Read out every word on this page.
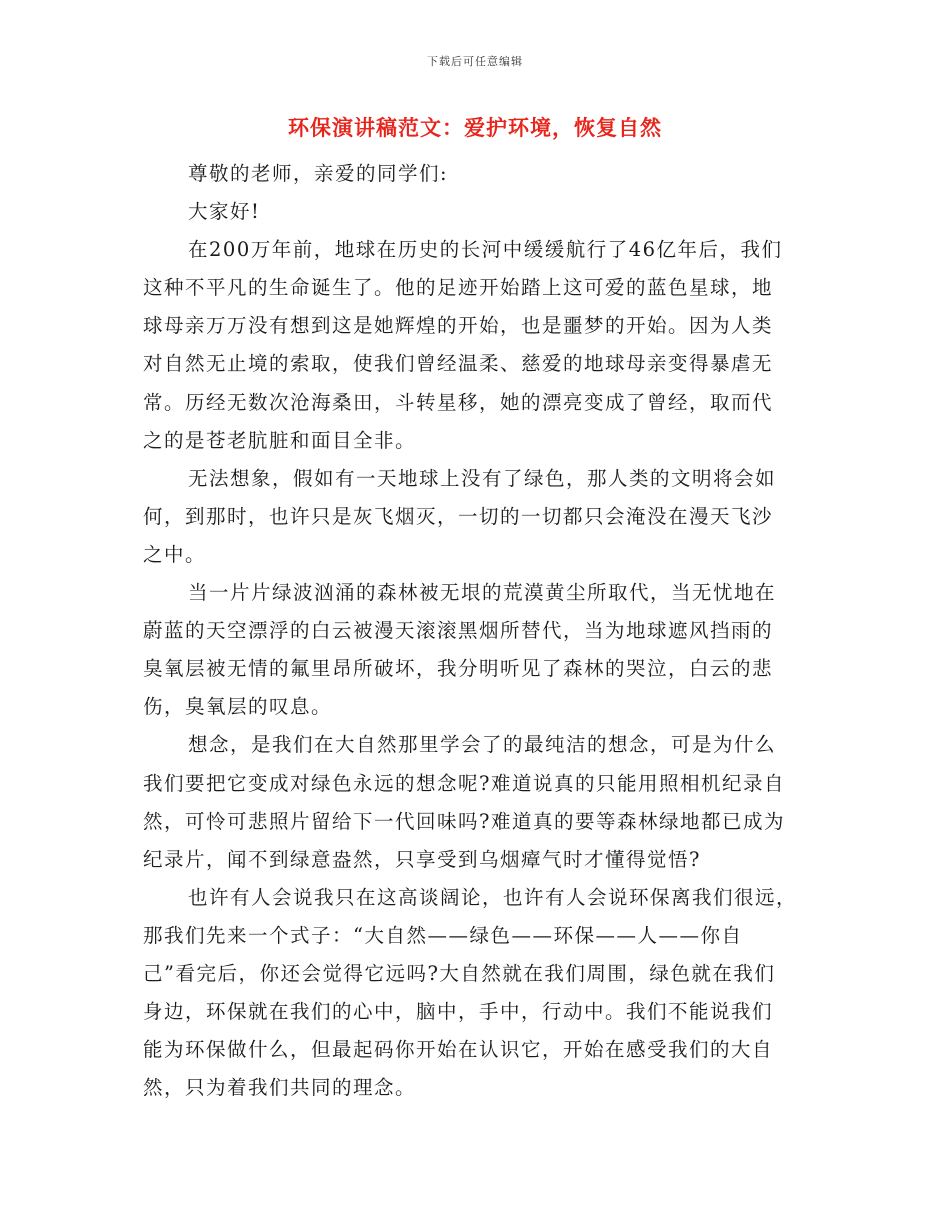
下载后可任意编辑
环保演讲稿范文：爱护环境，恢复自然
尊敬的老师，亲爱的同学们:
大家好!
在200万年前，地球在历史的长河中缓缓航行了46亿年后，我们
这种不平凡的生命诞生了。他的足迹开始踏上这可爱的蓝色星球，地
球母亲万万没有想到这是她辉煌的开始，也是噩梦的开始。因为人类
对自然无止境的索取，使我们曾经温柔、慈爱的地球母亲变得暴虐无
常。历经无数次沧海桑田，斗转星移，她的漂亮变成了曾经，取而代
之的是苍老肮脏和面目全非。
无法想象，假如有一天地球上没有了绿色，那人类的文明将会如
何，到那时，也许只是灰飞烟灭，一切的一切都只会淹没在漫天飞沙
之中。
当一片片绿波汹涌的森林被无垠的荒漠黄尘所取代，当无忧地在
蔚蓝的天空漂浮的白云被漫天滚滚黑烟所替代，当为地球遮风挡雨的
臭氧层被无情的氟里昂所破坏，我分明听见了森林的哭泣，白云的悲
伤，臭氧层的叹息。
想念，是我们在大自然那里学会了的最纯洁的想念，可是为什么
我们要把它变成对绿色永远的想念呢?难道说真的只能用照相机纪录自
然，可怜可悲照片留给下一代回味吗?难道真的要等森林绿地都已成为
纪录片，闻不到绿意盎然，只享受到乌烟瘴气时才懂得觉悟?
也许有人会说我只在这高谈阔论，也许有人会说环保离我们很远，
那我们先来一个式子：“大自然——绿色——环保——人——你自
己”看完后，你还会觉得它远吗?大自然就在我们周围，绿色就在我们
身边，环保就在我们的心中，脑中，手中，行动中。我们不能说我们
能为环保做什么，但最起码你开始在认识它，开始在感受我们的大自
然，只为着我们共同的理念。
